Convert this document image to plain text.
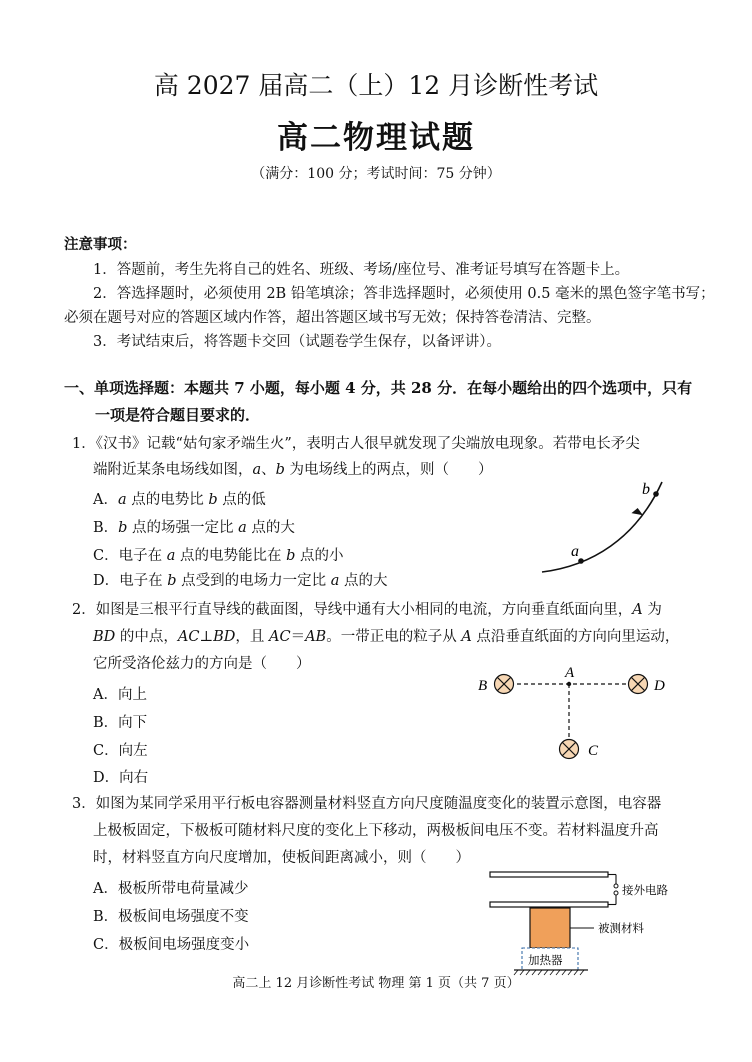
高 2027 届高二（上）12 月诊断性考试
高二物理试题
（满分：100 分；考试时间：75 分钟）
注意事项：
1．答题前，考生先将自己的姓名、班级、考场/座位号、准考证号填写在答题卡上。
2．答选择题时，必须使用 2B 铅笔填涂；答非选择题时，必须使用 0.5 毫米的黑色签字笔书写；
必须在题号对应的答题区域内作答，超出答题区域书写无效；保持答卷清洁、完整。
3．考试结束后，将答题卡交回（试题卷学生保存，以备评讲）。
一、单项选择题：本题共 7 小题，每小题 4 分，共 28 分．在每小题给出的四个选项中，只有
一项是符合题目要求的．
1．《汉书》记载“姑句家矛端生火”，表明古人很早就发现了尖端放电现象。若带电长矛尖
端附近某条电场线如图，a、b 为电场线上的两点，则（　　）
A．a 点的电势比 b 点的低
B．b 点的场强一定比 a 点的大
C．电子在 a 点的电势能比在 b 点的小
D．电子在 b 点受到的电场力一定比 a 点的大
a
b
2．如图是三根平行直导线的截面图，导线中通有大小相同的电流，方向垂直纸面向里，A 为
BD 的中点，AC⊥BD，且 AC＝AB。一带正电的粒子从 A 点沿垂直纸面的方向向里运动，
它所受洛伦兹力的方向是（　　）
A．向上
B．向下
C．向左
D．向右
B
A
D
C
3．如图为某同学采用平行板电容器测量材料竖直方向尺度随温度变化的装置示意图，电容器
上极板固定，下极板可随材料尺度的变化上下移动，两极板间电压不变。若材料温度升高
时，材料竖直方向尺度增加，使板间距离减小，则（　　）
A．极板所带电荷量减少
B．极板间电场强度不变
C．极板间电场强度变小
接外电路
被测材料
加热器
高二上 12 月诊断性考试 物理 第 1 页（共 7 页）
